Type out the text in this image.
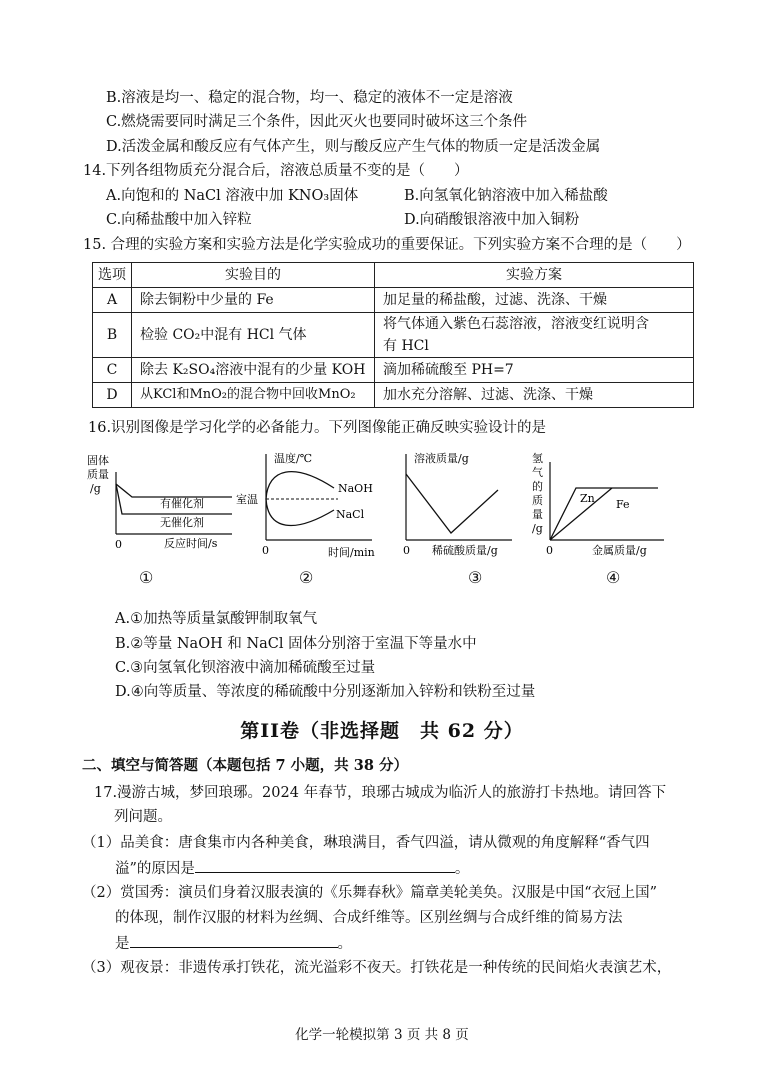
B.溶液是均一、稳定的混合物，均一、稳定的液体不一定是溶液
C.燃烧需要同时满足三个条件，因此灭火也要同时破坏这三个条件
D.活泼金属和酸反应有气体产生，则与酸反应产生气体的物质一定是活泼金属
14.下列各组物质充分混合后，溶液总质量不变的是（　　）
A.向饱和的 NaCl 溶液中加 KNO₃固体	B.向氢氧化钠溶液中加入稀盐酸
C.向稀盐酸中加入锌粒	D.向硝酸银溶液中加入铜粉
15. 合理的实验方案和实验方法是化学实验成功的重要保证。下列实验方案不合理的是（　　）
选项	实验目的	实验方案
A	除去铜粉中少量的 Fe	加足量的稀盐酸，过滤、洗涤、干燥
B	检验 CO₂中混有 HCl 气体	将气体通入紫色石蕊溶液，溶液变红说明含
有 HCl

C	除去 K₂SO₄溶液中混有的少量 KOH	滴加稀硫酸至 PH=7
D	从KCl和MnO₂的混合物中回收MnO₂	加水充分溶解、过滤、洗涤、干燥
16.识别图像是学习化学的必备能力。下列图像能正确反映实验设计的是
固体
质量
/g
有催化剂
无催化剂
0	反应时间/s
①
温度/℃
室温
NaOH
NaCl
0	时间/min
②
溶液质量/g
0 稀硫酸质量/g
③
氢
气
的
质
量
/g
Zn Fe
0	金属质量/g
④
A.①加热等质量氯酸钾制取氧气
B.②等量 NaOH 和 NaCl 固体分别溶于室温下等量水中
C.③向氢氧化钡溶液中滴加稀硫酸至过量
D.④向等质量、等浓度的稀硫酸中分别逐渐加入锌粉和铁粉至过量
第II卷（非选择题　共 62 分）
二、填空与简答题（本题包括 7 小题，共 38 分）
17.漫游古城，梦回琅琊。2024 年春节，琅琊古城成为临沂人的旅游打卡热地。请回答下
列问题。
（1）品美食：唐食集市内各种美食，琳琅满目，香气四溢，请从微观的角度解释“香气四
溢”的原因是	。
（2）赏国秀：演员们身着汉服表演的《乐舞春秋》篇章美轮美奂。汉服是中国“衣冠上国”
的体现，制作汉服的材料为丝绸、合成纤维等。区别丝绸与合成纤维的简易方法
是	。
（3）观夜景：非遗传承打铁花，流光溢彩不夜天。打铁花是一种传统的民间焰火表演艺术，
化学一轮模拟第 3 页 共 8 页
